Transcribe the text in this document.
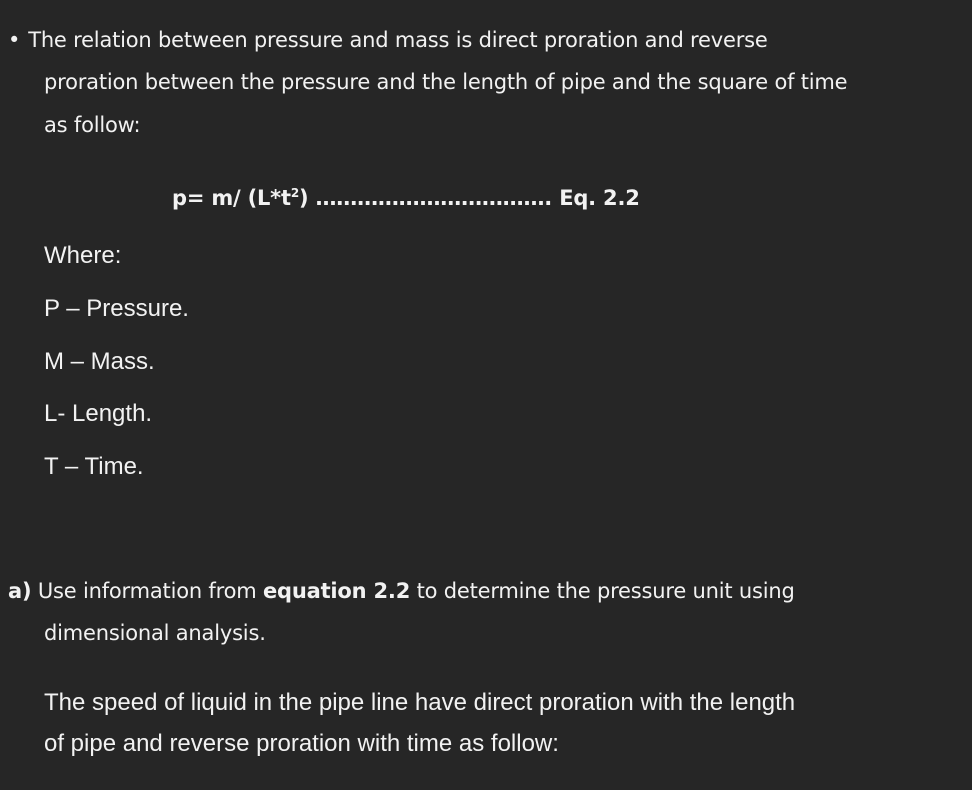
• The relation between pressure and mass is direct proration and reverse

proration between the pressure and the length of pipe and the square of time

as follow:

p= m/ $(L*t^2)$ ……………………………. Eq. 2.2

Where:

P – Pressure.

M – Mass.

L- Length.

T – Time.

a) Use information from equation 2.2 to determine the pressure unit using

dimensional analysis.

The speed of liquid in the pipe line have direct proration with the length

of pipe and reverse proration with time as follow:
